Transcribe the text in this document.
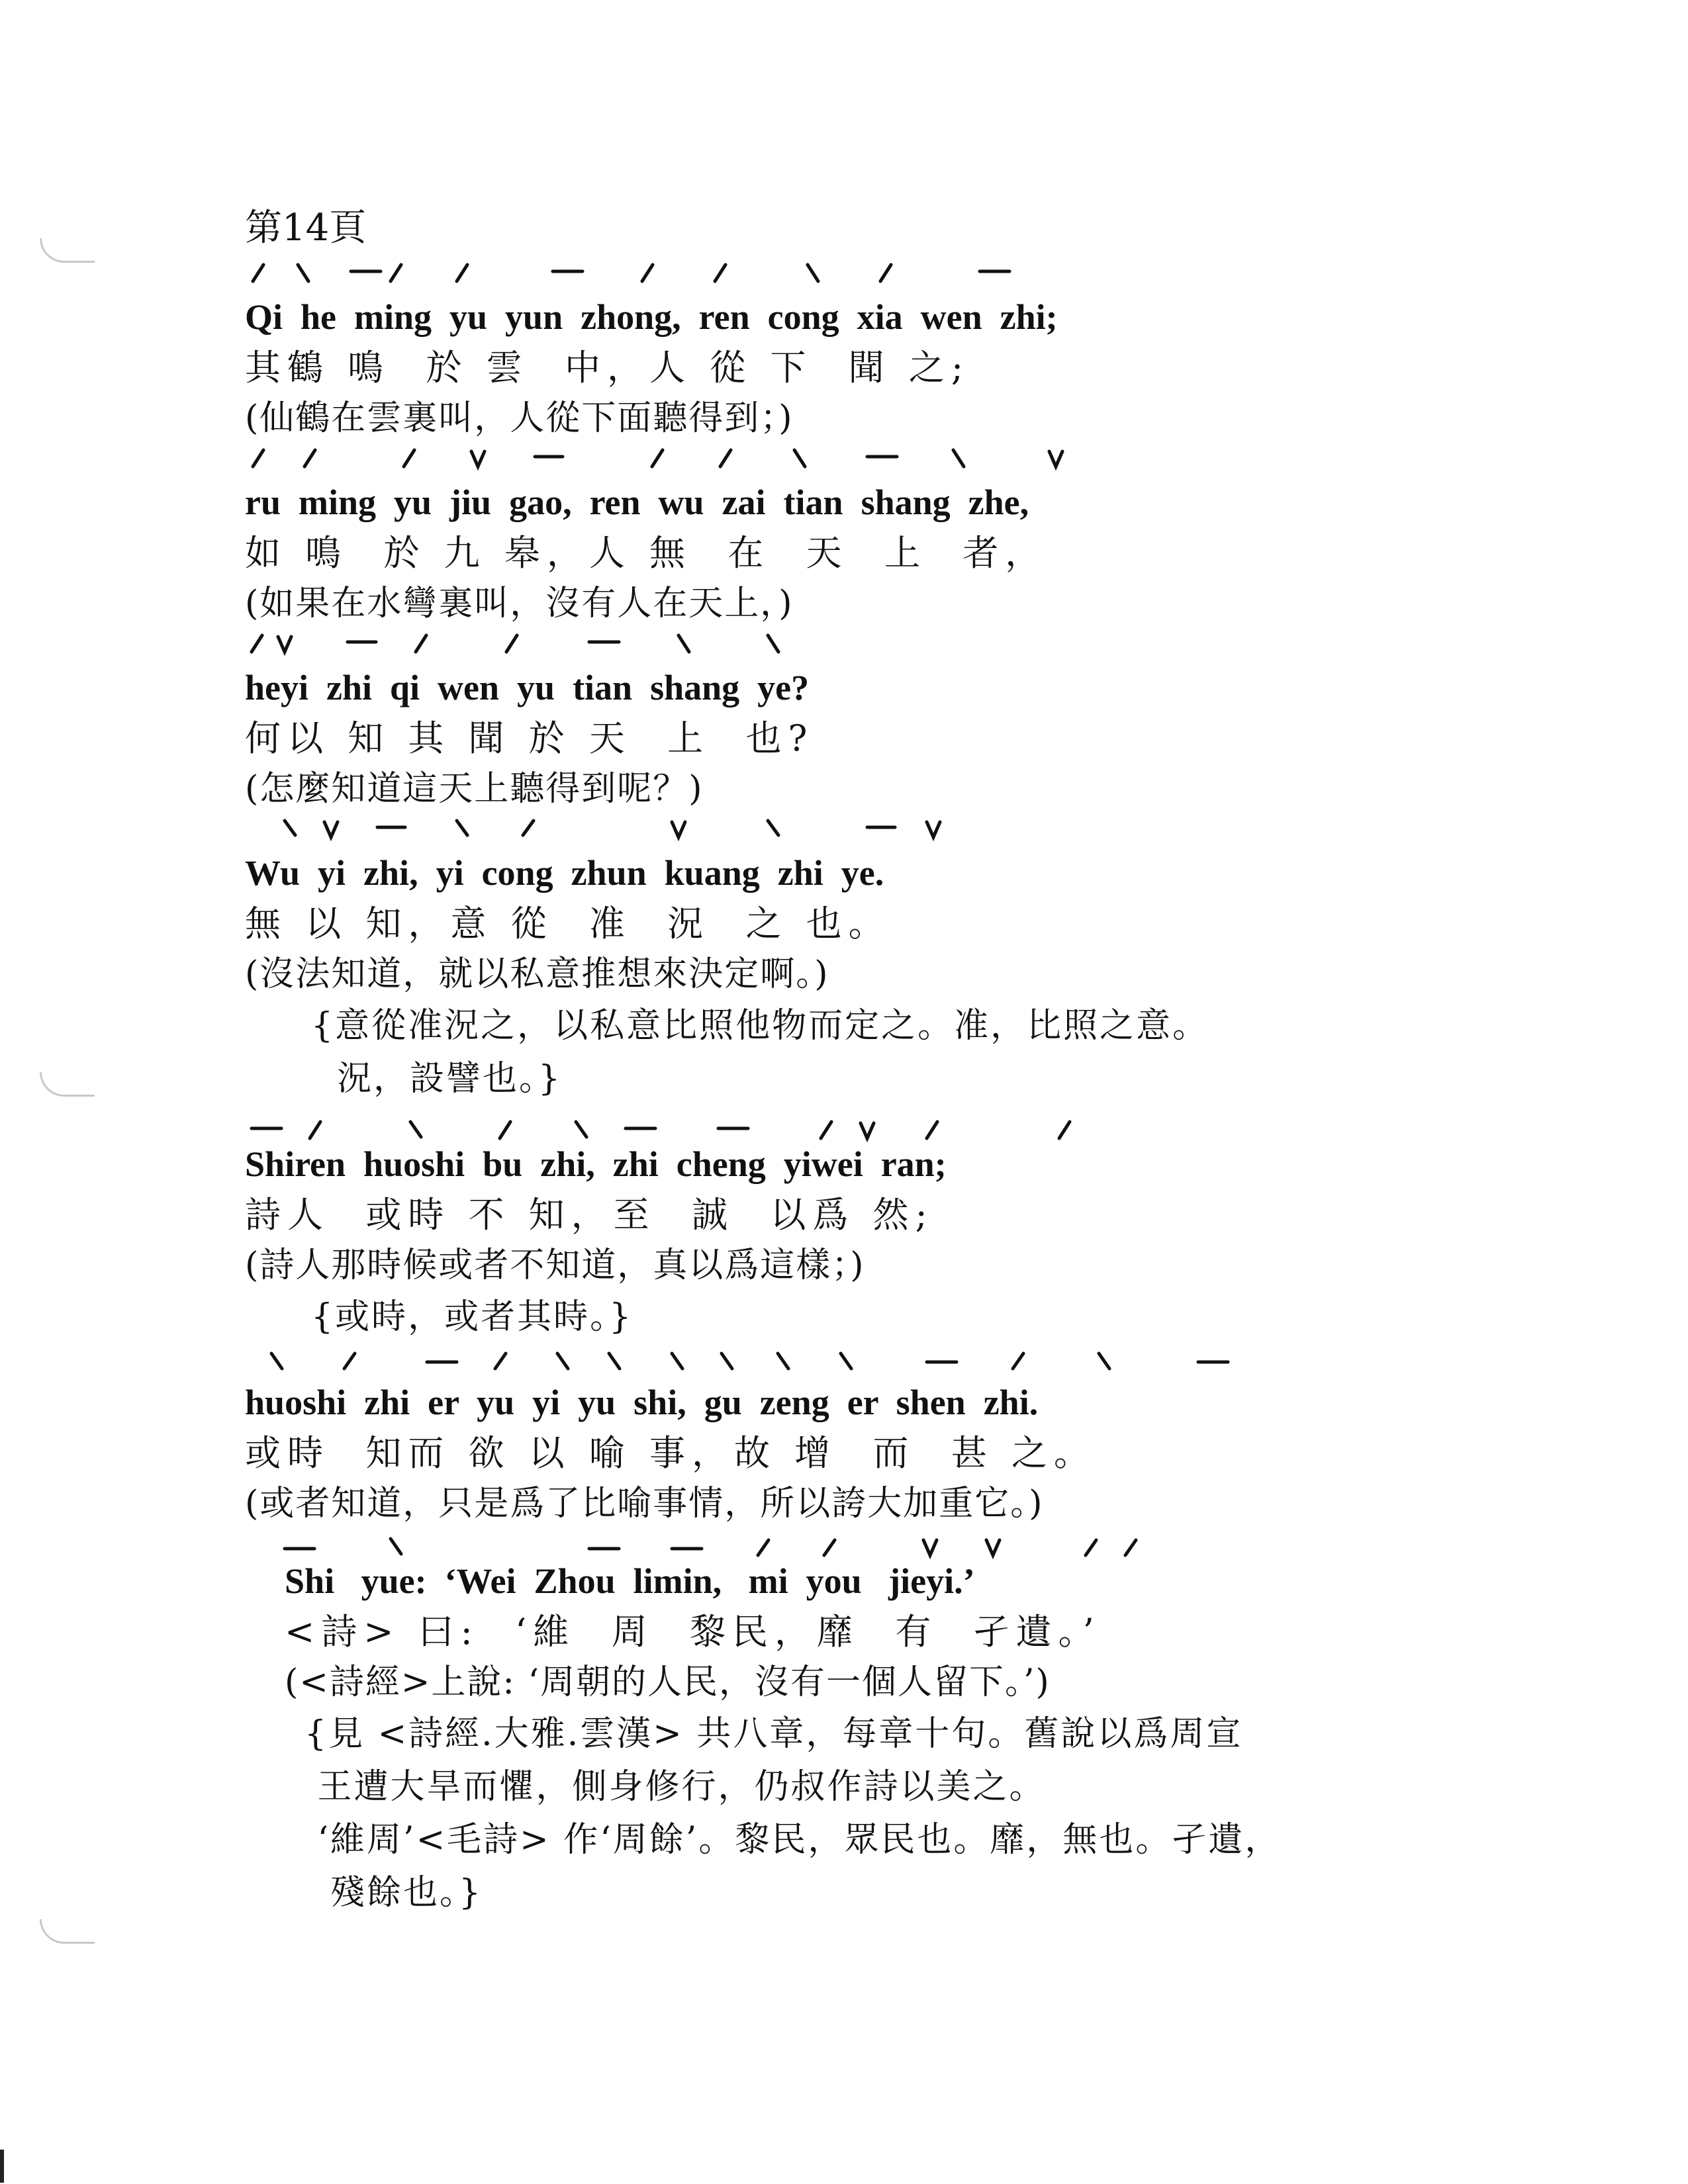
第14頁
Qi  he  ming  yu  yun  zhong,  ren  cong  xia  wen  zhi;
其鶴 鳴  於 雲  中，人 從 下  聞 之;
(仙鶴在雲裏叫，人從下面聽得到；)
ru  ming  yu  jiu  gao,  ren  wu  zai  tian  shang  zhe,
如 鳴  於 九 皋，人 無  在  天  上  者，
(如果在水彎裏叫，沒有人在天上，)
heyi  zhi  qi  wen  yu  tian  shang  ye?
何以 知 其 聞 於 天  上  也?
(怎麼知道這天上聽得到呢？)
Wu  yi  zhi,  yi  cong  zhun  kuang  zhi  ye.
無 以 知，意 從  准  況  之 也。
(沒法知道，就以私意推想來決定啊。)
{意從准況之，以私意比照他物而定之。准，比照之意。
況，設譬也。}
Shiren  huoshi  bu  zhi,  zhi  cheng  yiwei  ran;
詩人  或時 不 知，至  誠  以爲 然;
(詩人那時候或者不知道，真以爲這樣；)
{或時，或者其時。}
huoshi  zhi  er  yu  yi  yu  shi,  gu  zeng  er  shen  zhi.
或時  知而 欲 以 喻 事，故 增  而  甚 之。
(或者知道，只是爲了比喻事情，所以誇大加重它。)
Shi   yue:  ‘Wei  Zhou  limin,   mi  you   jieyi.’
<詩> 曰:  ‘維  周  黎民，靡  有  孑遺。’
(<詩經>上說: ‘周朝的人民，沒有一個人留下。’)
{見 <詩經.大雅.雲漢> 共八章，每章十句。舊說以爲周宣
王遭大旱而懼，側身修行，仍叔作詩以美之。
‘維周’<毛詩> 作‘周餘’。黎民，眾民也。靡，無也。孑遺，
殘餘也。}
